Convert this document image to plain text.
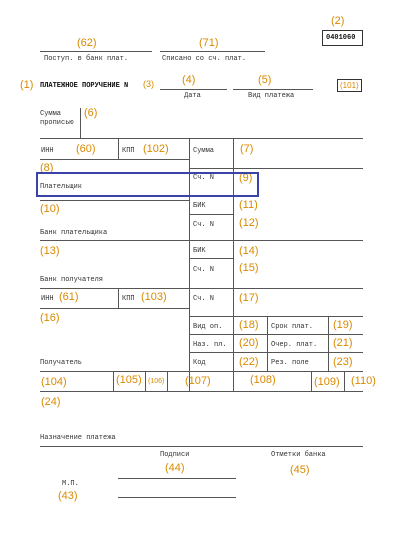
(2)
0401060
(62)	(71)
Поступ. в банк плат.	Списано со сч. плат.
(1) ПЛАТЕЖНОЕ ПОРУЧЕНИЕ N (3)	(4)	(5)
Дата	Вид платежа
(101)
Сумма
прописью
(6)
ИНН (60)	КПП (102)	Сумма (7)
(8)
Плательщик
Сч. N (9)
(10)	БИК	(11)
Сч. N (12)
Банк плательщика
(13)	БИК	(14)
Сч. N (15)
Банк получателя
ИНН (61)	КПП (103)	Сч. N (17)
(16)
Вид оп. (18) Срок плат. (19)
Наз. пл. (20) Очер. плат. (21)
Получатель	Код	(22) Рез. поле (23)
(104)	(105) (106) (107)	(108)	(109) (110)
(24)
Назначение платежа
Подписи	Отметки банка
(44)	(45)
М.П.
(43)
